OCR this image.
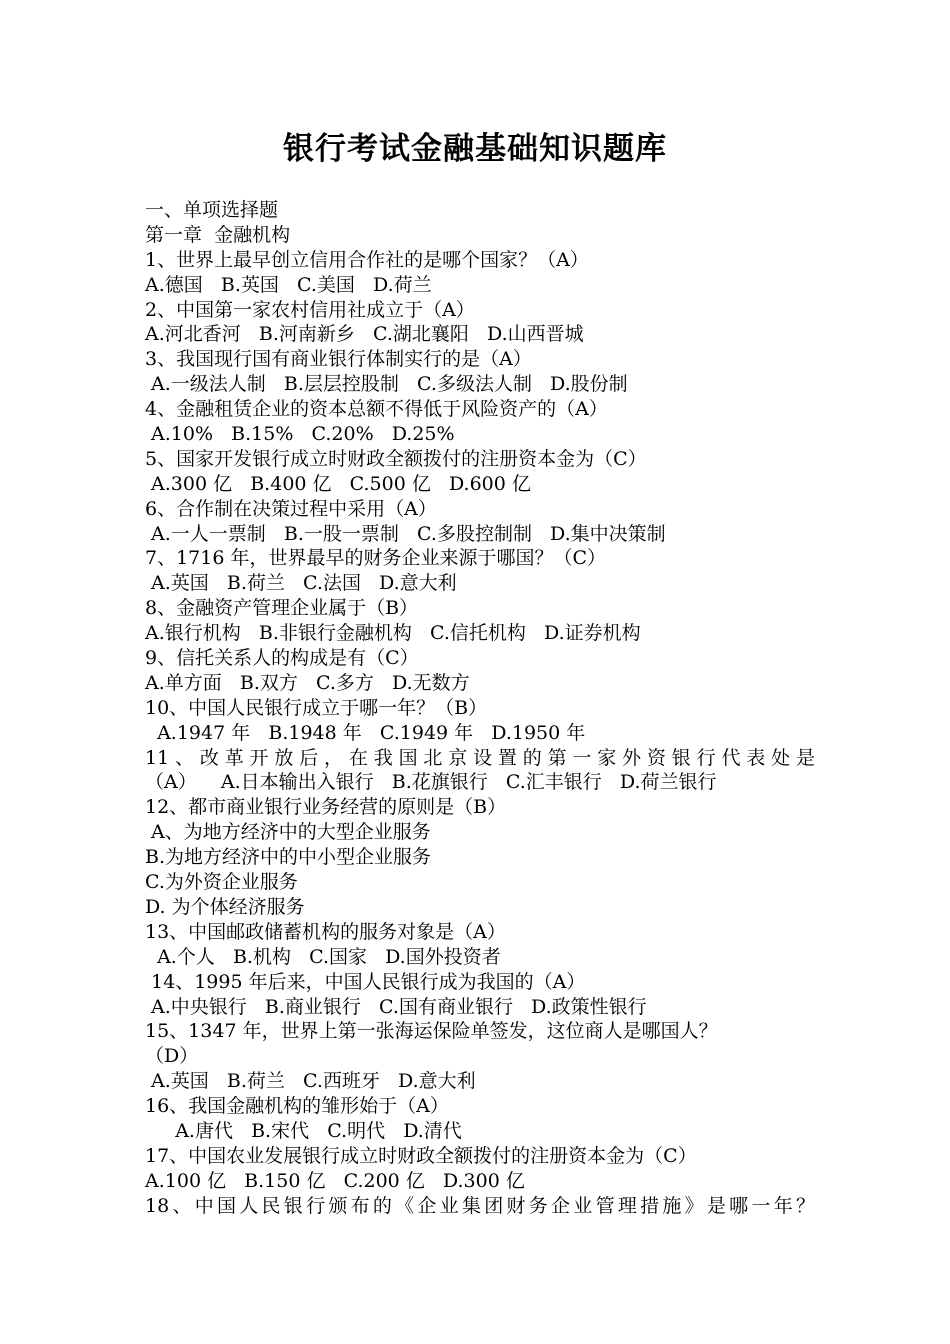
银行考试金融基础知识题库
一、单项选择题
第一章  金融机构
1、世界上最早创立信用合作社的是哪个国家？（A）
A.德国   B.英国   C.美国   D.荷兰
2、中国第一家农村信用社成立于（A）
A.河北香河   B.河南新乡   C.湖北襄阳   D.山西晋城
3、我国现行国有商业银行体制实行的是（A）
A.一级法人制   B.层层控股制   C.多级法人制   D.股份制
4、金融租赁企业的资本总额不得低于风险资产的（A）
A.10%   B.15%   C.20%   D.25%
5、国家开发银行成立时财政全额拨付的注册资本金为（C）
A.300 亿   B.400 亿   C.500 亿   D.600 亿
6、合作制在决策过程中采用（A）
A.一人一票制   B.一股一票制   C.多股控制制   D.集中决策制
7、1716 年，世界最早的财务企业来源于哪国？（C）
A.英国   B.荷兰   C.法国   D.意大利
8、金融资产管理企业属于（B）
A.银行机构   B.非银行金融机构   C.信托机构   D.证券机构
9、信托关系人的构成是有（C）
A.单方面   B.双方   C.多方   D.无数方
10、中国人民银行成立于哪一年？（B）
A.1947 年   B.1948 年   C.1949 年   D.1950 年
11、改革开放后，在我国北京设置的第一家外资银行代表处是
（A）    A.日本输出入银行   B.花旗银行   C.汇丰银行   D.荷兰银行
12、都市商业银行业务经营的原则是（B）
A、为地方经济中的大型企业服务
B.为地方经济中的中小型企业服务
C.为外资企业服务
D. 为个体经济服务
13、中国邮政储蓄机构的服务对象是（A）
A.个人   B.机构   C.国家   D.国外投资者
14、1995 年后来，中国人民银行成为我国的（A）
A.中央银行   B.商业银行   C.国有商业银行   D.政策性银行
15、1347 年，世界上第一张海运保险单签发，这位商人是哪国人？
（D）
A.英国   B.荷兰   C.西班牙   D.意大利
16、我国金融机构的雏形始于（A）
A.唐代   B.宋代   C.明代   D.清代
17、中国农业发展银行成立时财政全额拨付的注册资本金为（C）
A.100 亿   B.150 亿   C.200 亿   D.300 亿
18、中国人民银行颁布的《企业集团财务企业管理措施》是哪一年？
